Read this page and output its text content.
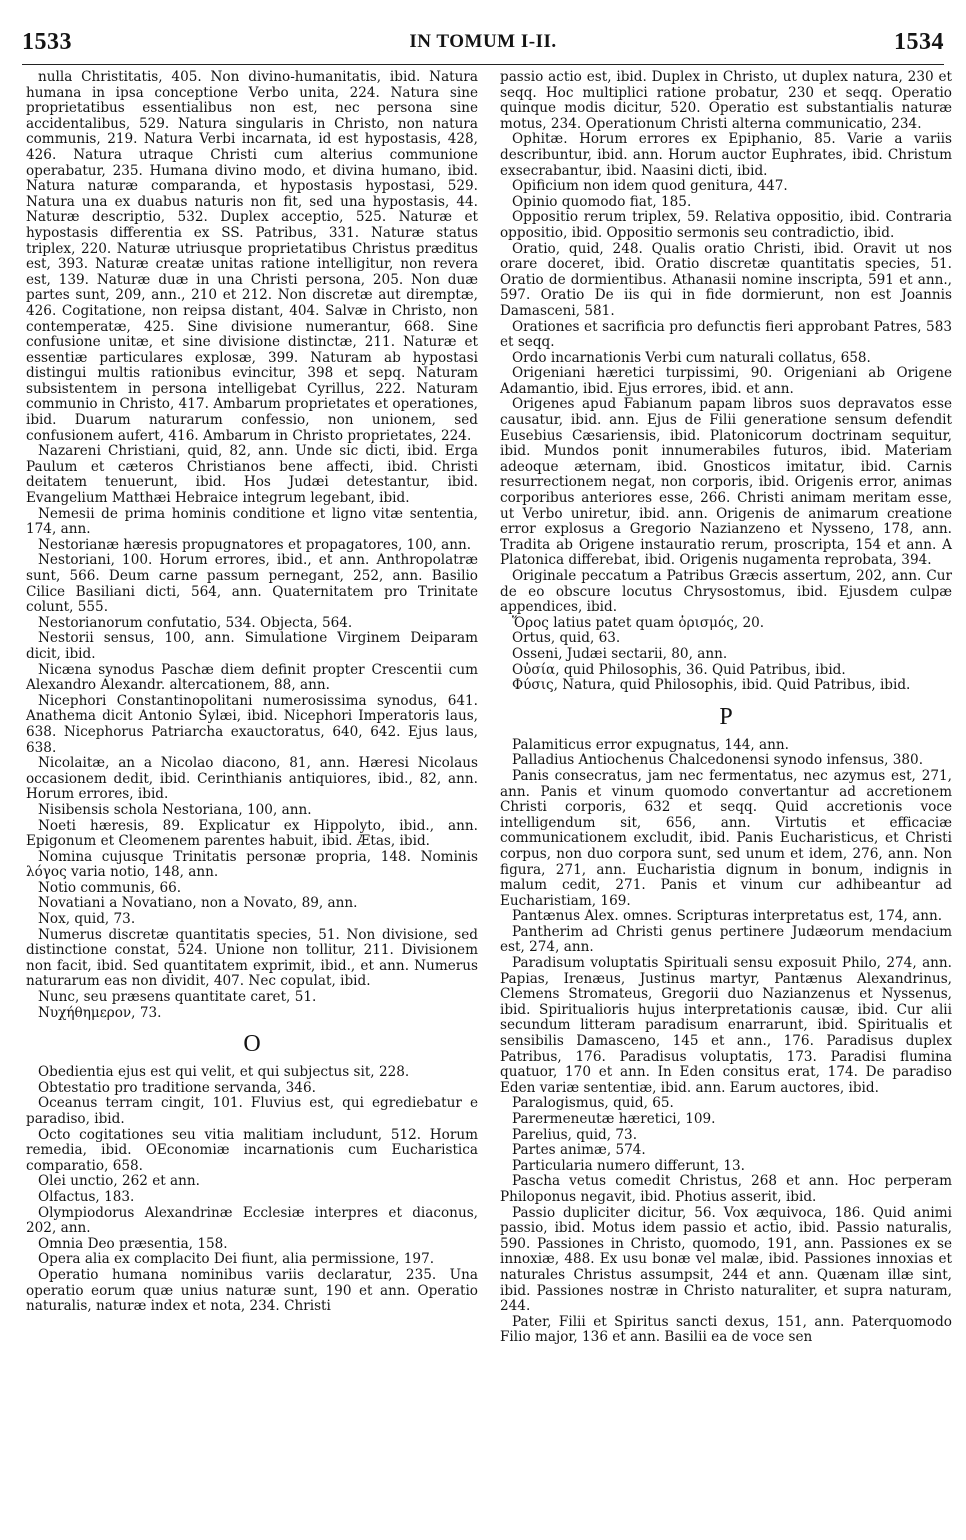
1533	IN TOMUM I-II.	1534

nulla Christitatis, 405. Non divino-humanitatis, ibid. Natura humana in ipsa conceptione Verbo unita, 224. Natura sine proprietatibus essentialibus non est, nec persona sine accidentalibus, 529. Natura singularis in Christo, non natura communis, 219. Natura Verbi incarnata, id est hypostasis, 428, 426. Natura utraque Christi cum alterius communione operabatur, 235. Humana divino modo, et divina humano, ibid. Natura naturæ comparanda, et hypostasis hypostasi, 529. Natura una ex duabus naturis non fit, sed una hypostasis, 44. Naturæ descriptio, 532. Duplex acceptio, 525. Naturæ et hypostasis differentia ex SS. Patribus, 331. Naturæ status triplex, 220. Naturæ utriusque proprietatibus Christus præditus est, 393. Naturæ creatæ unitas ratione intelligitur, non revera est, 139. Naturæ duæ in una Christi persona, 205. Non duæ partes sunt, 209, ann., 210 et 212. Non discretæ aut diremptæ, 426. Cogitatione, non reipsa distant, 404. Salvæ in Christo, non contemperatæ, 425. Sine divisione numerantur, 668. Sine confusione unitæ, et sine divisione distinctæ, 211. Naturæ et essentiæ particulares explosæ, 399. Naturam ab hypostasi distingui multis rationibus evincitur, 398 et sepq. Naturam subsistentem in persona intelligebat Cyrillus, 222. Naturam communio in Christo, 417. Ambarum proprietates et operationes, ibid. Duarum naturarum confessio, non unionem, sed confusionem aufert, 416. Ambarum in Christo proprietates, 224.

Nazareni Christiani, quid, 82, ann. Unde sic dicti, ibid. Erga Paulum et cæteros Christianos bene affecti, ibid. Christi deitatem tenuerunt, ibid. Hos Judæi detestantur, ibid. Evangelium Matthæi Hebraice integrum legebant, ibid.

Nemesii de prima hominis conditione et ligno vitæ sententia, 174, ann.

Nestorianæ hæresis propugnatores et propagatores, 100, ann.

Nestoriani, 100. Horum errores, ibid., et ann. Anthropolatræ sunt, 566. Deum carne passum pernegant, 252, ann. Basilio Cilice Basiliani dicti, 564, ann. Quaternitatem pro Trinitate colunt, 555.

Nestorianorum confutatio, 534. Objecta, 564.

Nestorii sensus, 100, ann. Simulatione Virginem Deiparam dicit, ibid.

Nicæna synodus Paschæ diem definit propter Crescentii cum Alexandro Alexandr. altercationem, 88, ann.

Nicephori Constantinopolitani numerosissima synodus, 641. Anathema dicit Antonio Sylæi, ibid. Nicephori Imperatoris laus, 638. Nicephorus Patriarcha exauctoratus, 640, 642. Ejus laus, 638.

Nicolaitæ, an a Nicolao diacono, 81, ann. Hæresi Nicolaus occasionem dedit, ibid. Cerinthianis antiquiores, ibid., 82, ann. Horum errores, ibid.

Nisibensis schola Nestoriana, 100, ann.

Noeti hæresis, 89. Explicatur ex Hippolyto, ibid., ann. Epigonum et Cleomenem parentes habuit, ibid. Ætas, ibid.

Nomina cujusque Trinitatis personæ propria, 148. Nominis λόγος varia notio, 148, ann.

Notio communis, 66.

Novatiani a Novatiano, non a Novato, 89, ann.

Nox, quid, 73.

Numerus discretæ quantitatis species, 51. Non divisione, sed distinctione constat, 524. Unione non tollitur, 211. Divisionem non facit, ibid. Sed quantitatem exprimit, ibid., et ann. Numerus naturarum eas non dividit, 407. Nec copulat, ibid.

Nunc, seu præsens quantitate caret, 51.

Νυχήθημερον, 73.

O

Obedientia ejus est qui velit, et qui subjectus sit, 228.

Obtestatio pro traditione servanda, 346.

Oceanus terram cingit, 101. Fluvius est, qui egrediebatur e paradiso, ibid.

Octo cogitationes seu vitia malitiam includunt, 512. Horum remedia, ibid. OEconomiæ incarnationis cum Eucharistica comparatio, 658.

Olei unctio, 262 et ann.

Olfactus, 183.

Olympiodorus Alexandrinæ Ecclesiæ interpres et diaconus, 202, ann.

Omnia Deo præsentia, 158.

Opera alia ex complacito Dei fiunt, alia permissione, 197.

Operatio humana nominibus variis declaratur, 235. Una operatio eorum quæ unius naturæ sunt, 190 et ann. Operatio naturalis, naturæ index et nota, 234. Christi

passio actio est, ibid. Duplex in Christo, ut duplex natura, 230 et seqq. Hoc multiplici ratione probatur, 230 et seqq. Operatio quinque modis dicitur, 520. Operatio est substantialis naturæ motus, 234. Operationum Christi alterna communicatio, 234.

Ophitæ. Horum errores ex Epiphanio, 85. Varie a variis describuntur, ibid. ann. Horum auctor Euphrates, ibid. Christum exsecrabantur, ibid. Naasini dicti, ibid.

Opificium non idem quod genitura, 447.

Opinio quomodo fiat, 185.

Oppositio rerum triplex, 59. Relativa oppositio, ibid. Contraria oppositio, ibid. Oppositio sermonis seu contradictio, ibid.

Oratio, quid, 248. Qualis oratio Christi, ibid. Oravit ut nos orare doceret, ibid. Oratio discretæ quantitatis species, 51. Oratio de dormientibus. Athanasii nomine inscripta, 591 et ann., 597. Oratio De iis qui in fide dormierunt, non est Joannis Damasceni, 581.

Orationes et sacrificia pro defunctis fieri approbant Patres, 583 et seqq.

Ordo incarnationis Verbi cum naturali collatus, 658.

Origeniani hæretici turpissimi, 90. Origeniani ab Origene Adamantio, ibid. Ejus errores, ibid. et ann.

Origenes apud Fabianum papam libros suos depravatos esse causatur, ibid. ann. Ejus de Filii generatione sensum defendit Eusebius Cæsariensis, ibid. Platonicorum doctrinam sequitur, ibid. Mundos ponit innumerabiles futuros, ibid. Materiam adeoque æternam, ibid. Gnosticos imitatur, ibid. Carnis resurrectionem negat, non corporis, ibid. Origenis error, animas corporibus anteriores esse, 266. Christi animam meritam esse, ut Verbo uniretur, ibid. ann. Origenis de animarum creatione error explosus a Gregorio Nazianzeno et Nysseno, 178, ann. Tradita ab Origene instauratio rerum, proscripta, 154 et ann. A Platonica differebat, ibid. Origenis nugamenta reprobata, 394.

Originale peccatum a Patribus Græcis assertum, 202, ann. Cur de eo obscure locutus Chrysostomus, ibid. Ejusdem culpæ appendices, ibid.

Ὅρος latius patet quam ὁρισμός, 20.

Ortus, quid, 63.

Osseni, Judæi sectarii, 80, ann.

Οὐσία, quid Philosophis, 36. Quid Patribus, ibid.

Φύσις, Natura, quid Philosophis, ibid. Quid Patribus, ibid.

P

Palamiticus error expugnatus, 144, ann.

Palladius Antiochenus Chalcedonensi synodo infensus, 380.

Panis consecratus, jam nec fermentatus, nec azymus est, 271, ann. Panis et vinum quomodo convertantur ad accretionem Christi corporis, 632 et seqq. Quid accretionis voce intelligendum sit, 656, ann. Virtutis et efficaciæ communicationem excludit, ibid. Panis Eucharisticus, et Christi corpus, non duo corpora sunt, sed unum et idem, 276, ann. Non figura, 271, ann. Eucharistia dignum in bonum, indignis in malum cedit, 271. Panis et vinum cur adhibeantur ad Eucharistiam, 169.

Pantænus Alex. omnes. Scripturas interpretatus est, 174, ann.

Pantherim ad Christi genus pertinere Judæorum mendacium est, 274, ann.

Paradisum voluptatis Spirituali sensu exposuit Philo, 274, ann. Papias, Irenæus, Justinus martyr, Pantænus Alexandrinus, Clemens Stromateus, Gregorii duo Nazianzenus et Nyssenus, ibid. Spiritualioris hujus interpretationis causæ, ibid. Cur alii secundum litteram paradisum enarrarunt, ibid. Spiritualis et sensibilis Damasceno, 145 et ann., 176. Paradisus duplex Patribus, 176. Paradisus voluptatis, 173. Paradisi flumina quatuor, 170 et ann. In Eden consitus erat, 174. De paradiso Eden variæ sententiæ, ibid. ann. Earum auctores, ibid.

Paralogismus, quid, 65.

Parermeneutæ hæretici, 109.

Parelius, quid, 73.

Partes animæ, 574.

Particularia numero differunt, 13.

Pascha vetus comedit Christus, 268 et ann. Hoc perperam Philoponus negavit, ibid. Photius asserit, ibid.

Passio dupliciter dicitur, 56. Vox æquivoca, 186. Quid animi passio, ibid. Motus idem passio et actio, ibid. Passio naturalis, 590. Passiones in Christo, quomodo, 191, ann. Passiones ex se innoxiæ, 488. Ex usu bonæ vel malæ, ibid. Passiones innoxias et naturales Christus assumpsit, 244 et ann. Quænam illæ sint, ibid. Passiones nostræ in Christo naturaliter, et supra naturam, 244.

Pater, Filii et Spiritus sancti dexus, 151, ann. Paterquomodo Filio major, 136 et ann. Basilii ea de voce sen
